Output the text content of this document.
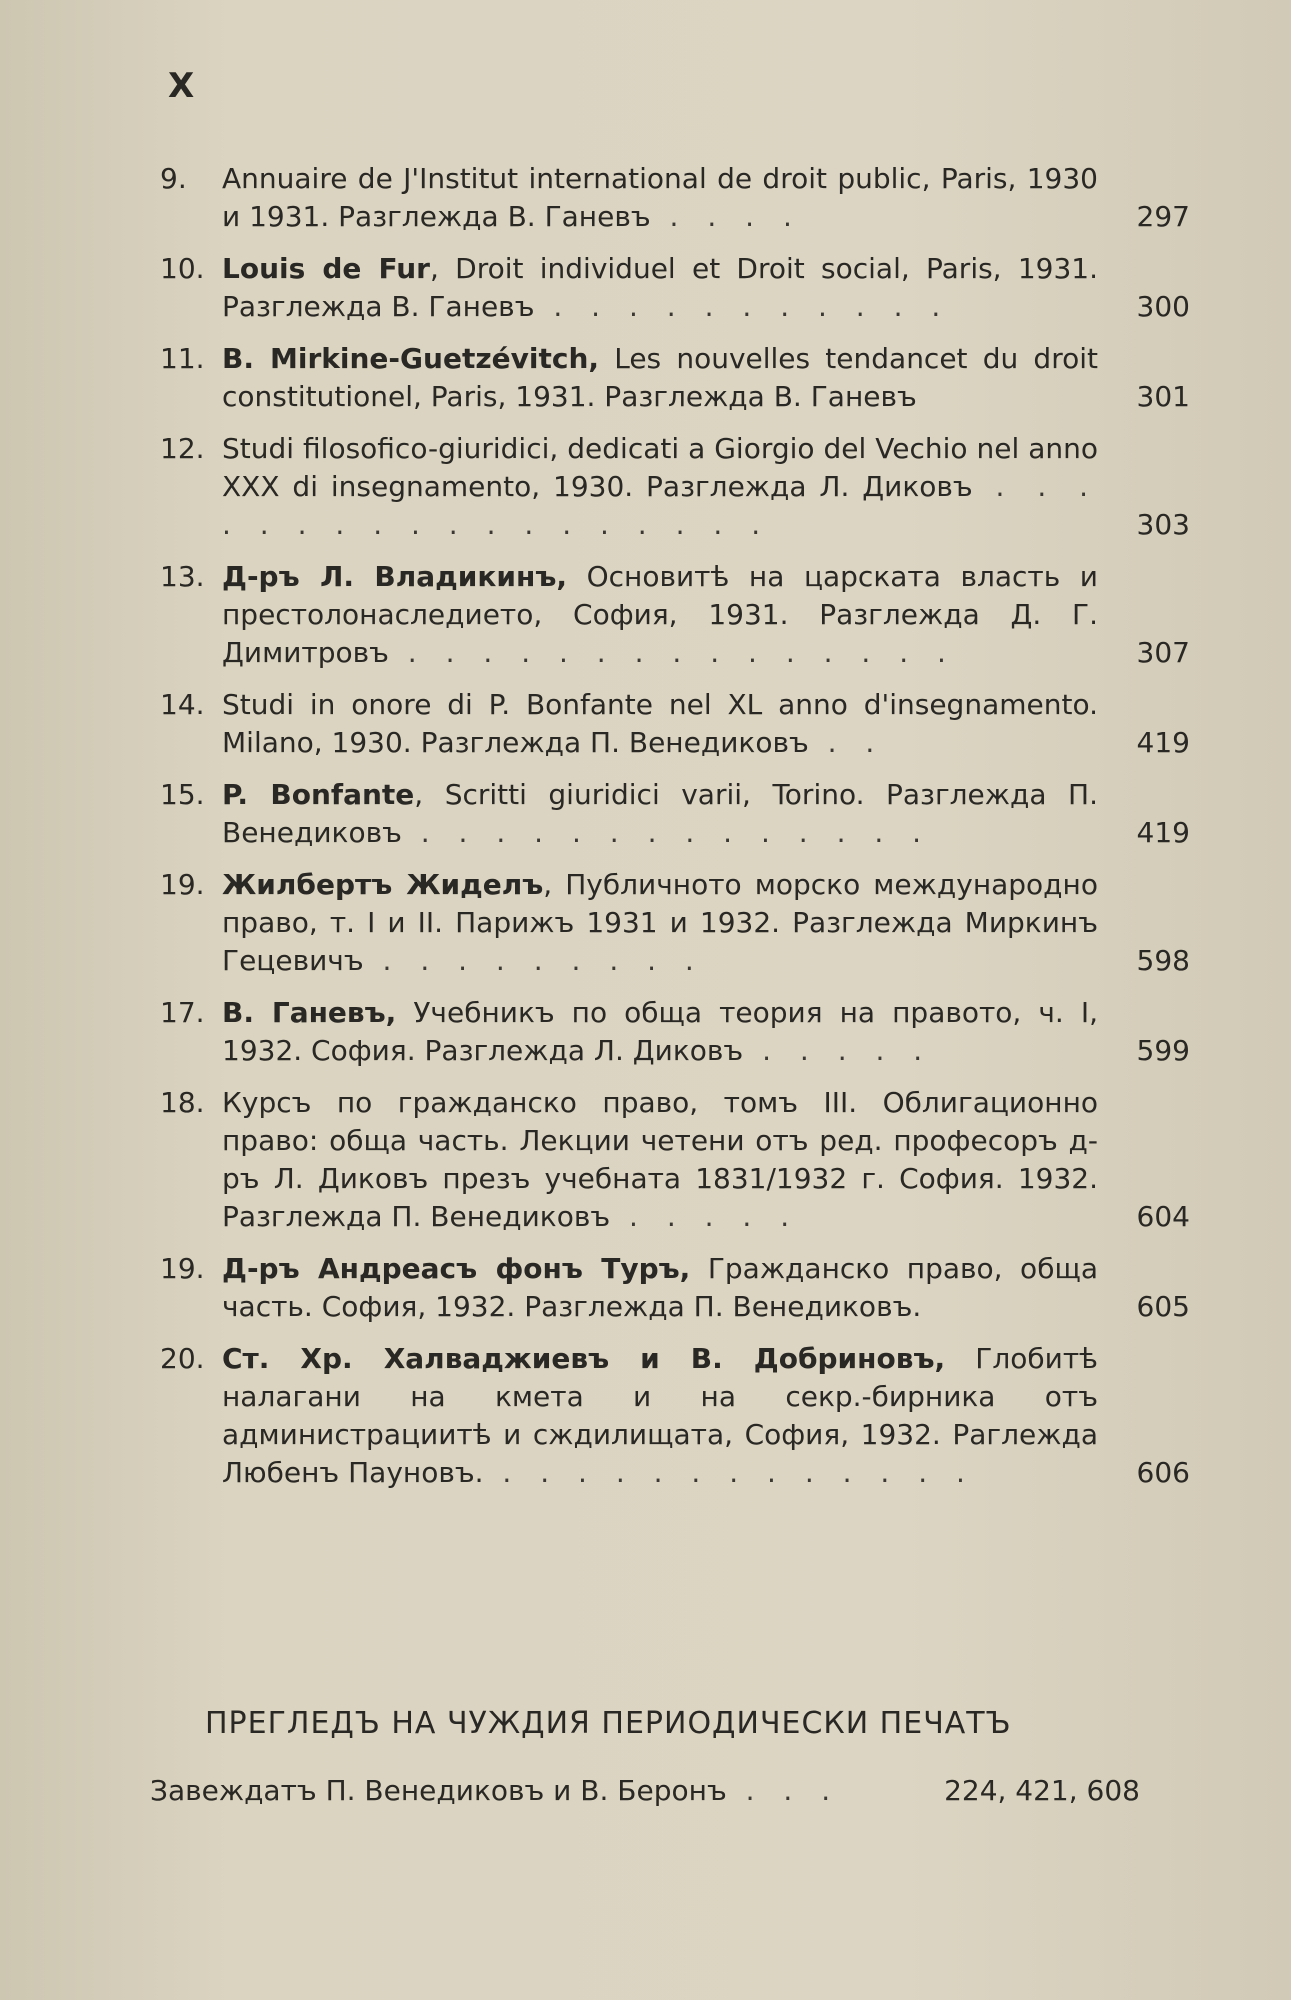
X
9.	Annuaire de J'Institut international de droit public, Paris, 1930 и 1931. Разглежда В. Ганевъ . . . .	297
10. Louis de Fur, Droit individuel et Droit social, Paris, 1931. Разглежда В. Ганевъ . . . . . . . . . . .	300
11. B. Mirkine-Guetzévitch, Les nouvelles tendancet du droit constitutionel, Paris, 1931. Разглежда В. Ганевъ	301
12. Studi filosofico-giuridici, dedicati a Giorgio del Vechio nel anno XXX di insegnamento, 1930. Разглежда Л. Диковъ . . . . . . . . . . . . . . . . . .	303
13. Д-ръ Л. Владикинъ, Основитѣ на царската власть и престолонаследието, София, 1931. Разглежда Д. Г. Димитровъ . . . . . . . . . . . . . . .	307
14. Studi in onore di P. Bonfante nel XL anno d'insegnamento. Milano, 1930. Разглежда П. Венедиковъ . .	419
15. P. Bonfante, Scritti giuridici varii, Torino. Разглежда П. Венедиковъ . . . . . . . . . . . . . .	419
19. Жилбертъ Жиделъ, Публичното морско международно право, т. I и II. Парижъ 1931 и 1932. Разглежда Миркинъ Гецевичъ . . . . . . . . .	598
17. В. Ганевъ, Учебникъ по обща теория на правото, ч. I, 1932. София. Разглежда Л. Диковъ . . . . .	599
18. Курсъ по гражданско право, томъ III. Облигационно право: обща часть. Лекции четени отъ ред. професоръ д-ръ Л. Диковъ презъ учебната 1831/1932 г. София. 1932. Разглежда П. Венедиковъ . . . . .	604
19. Д-ръ Андреасъ фонъ Туръ, Гражданско право, обща часть. София, 1932. Разглежда П. Венедиковъ.	605
20. Ст. Хр. Халваджиевъ и В. Добриновъ, Глобитѣ налагани на кмета и на секр.-бирника отъ администрациитѣ и сждилищата, София, 1932. Раглежда Любенъ Пауновъ. . . . . . . . . . . . . .	606
ПРЕГЛЕДЪ НА ЧУЖДИЯ ПЕРИОДИЧЕСКИ ПЕЧАТЪ
Завеждатъ П. Венедиковъ и В. Беронъ . . .	224, 421, 608
